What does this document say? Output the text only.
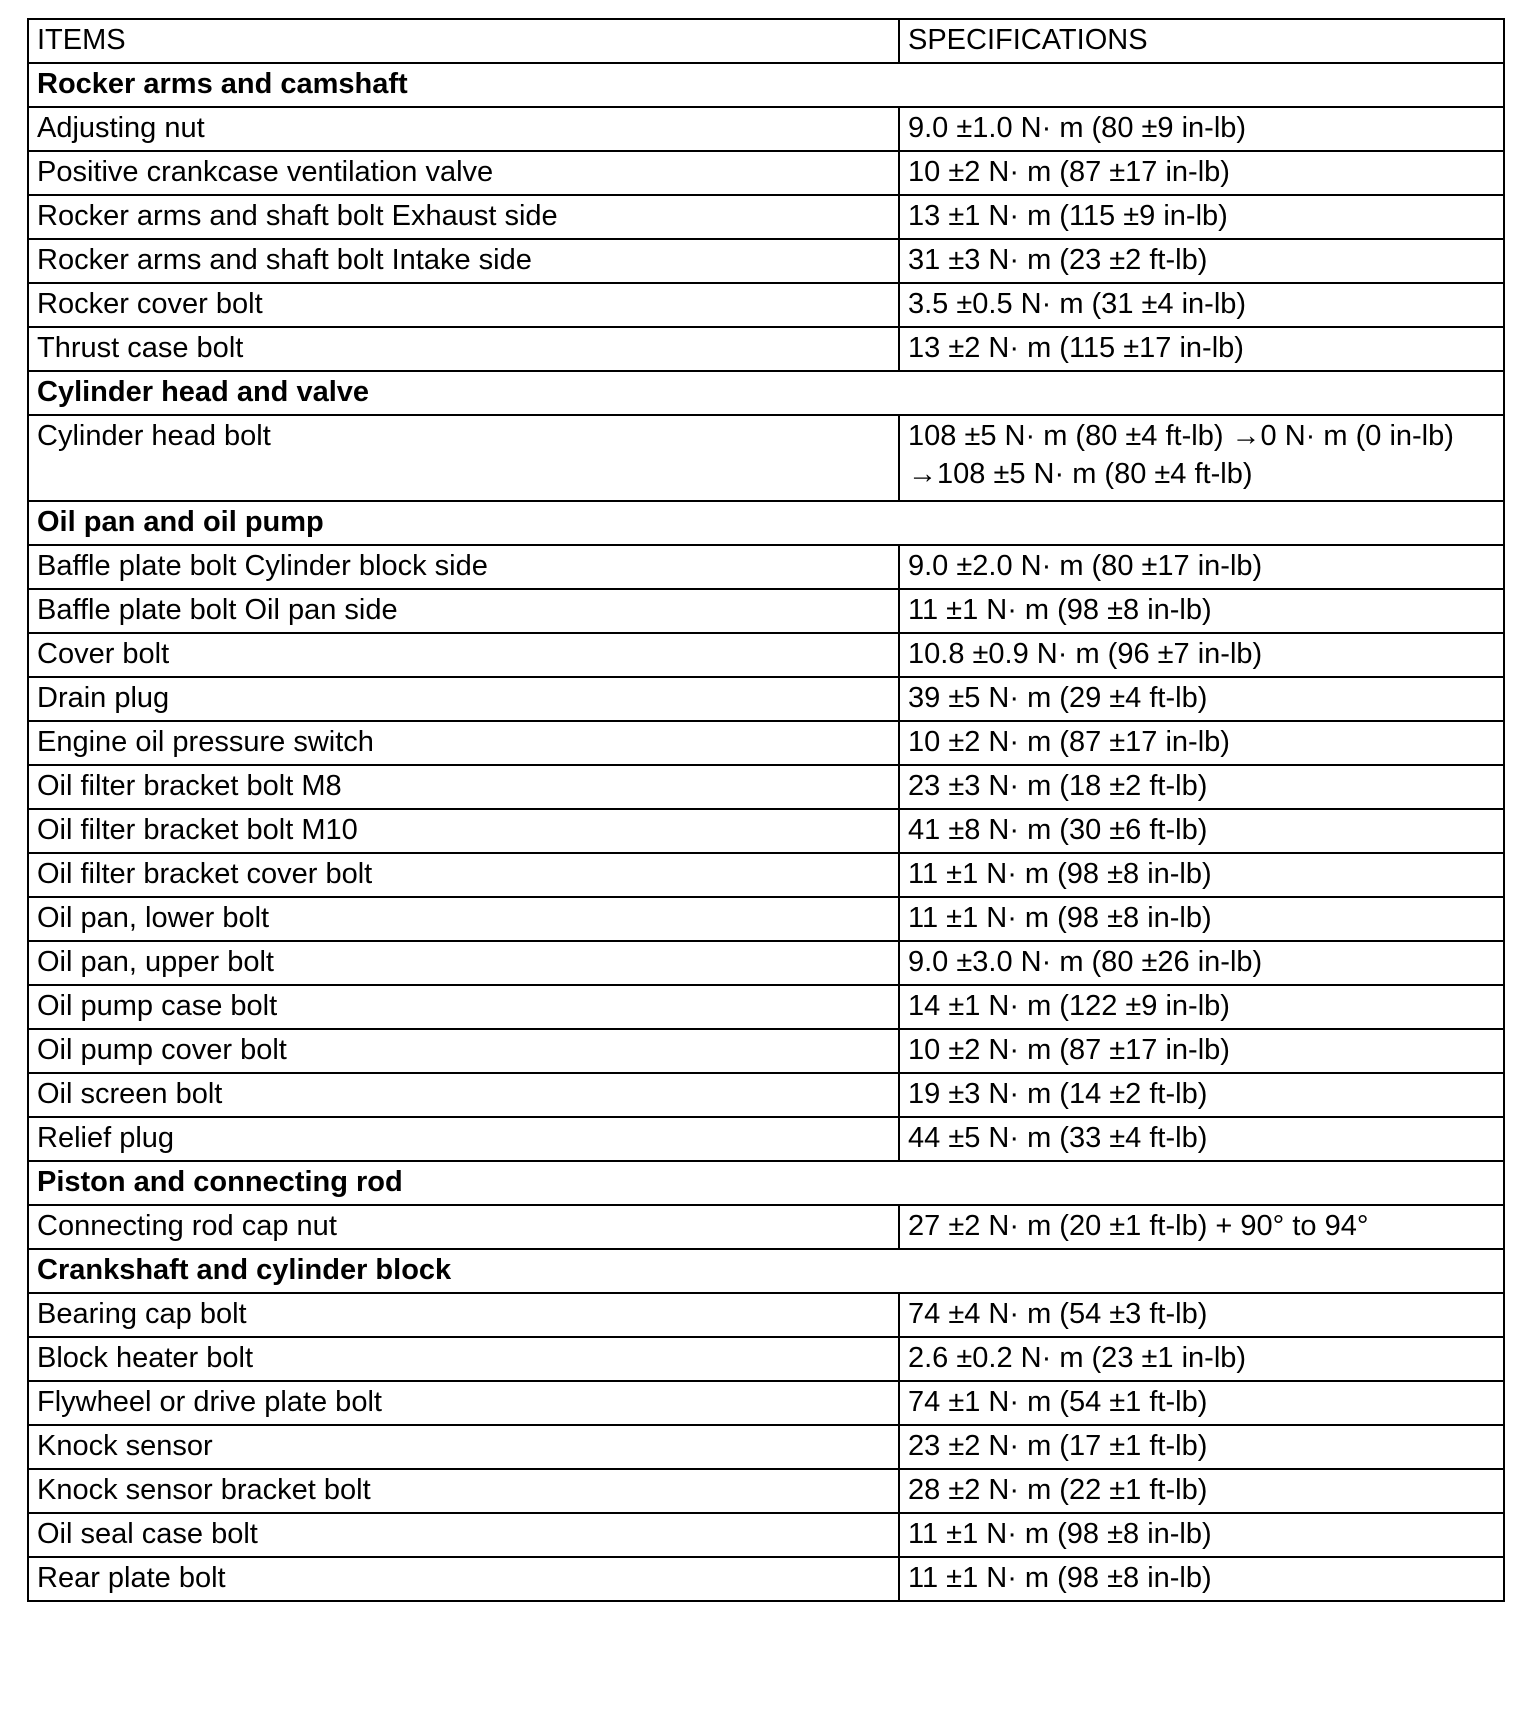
ITEMS	SPECIFICATIONS
Rocker arms and camshaft	
Adjusting nut	9.0 ±1.0 N· m (80 ±9 in-lb)
Positive crankcase ventilation valve	10 ±2 N· m (87 ±17 in-lb)
Rocker arms and shaft bolt Exhaust side	13 ±1 N· m (115 ±9 in-lb)
Rocker arms and shaft bolt Intake side	31 ±3 N· m (23 ±2 ft-lb)
Rocker cover bolt	3.5 ±0.5 N· m (31 ±4 in-lb)
Thrust case bolt	13 ±2 N· m (115 ±17 in-lb)
Cylinder head and valve	
Cylinder head bolt	108 ±5 N· m (80 ±4 ft-lb) →0 N· m (0 in-lb)
→108 ±5 N· m (80 ±4 ft-lb)
Oil pan and oil pump	
Baffle plate bolt Cylinder block side	9.0 ±2.0 N· m (80 ±17 in-lb)
Baffle plate bolt Oil pan side	11 ±1 N· m (98 ±8 in-lb)
Cover bolt	10.8 ±0.9 N· m (96 ±7 in-lb)
Drain plug	39 ±5 N· m (29 ±4 ft-lb)
Engine oil pressure switch	10 ±2 N· m (87 ±17 in-lb)
Oil filter bracket bolt M8	23 ±3 N· m (18 ±2 ft-lb)
Oil filter bracket bolt M10	41 ±8 N· m (30 ±6 ft-lb)
Oil filter bracket cover bolt	11 ±1 N· m (98 ±8 in-lb)
Oil pan, lower bolt	11 ±1 N· m (98 ±8 in-lb)
Oil pan, upper bolt	9.0 ±3.0 N· m (80 ±26 in-lb)
Oil pump case bolt	14 ±1 N· m (122 ±9 in-lb)
Oil pump cover bolt	10 ±2 N· m (87 ±17 in-lb)
Oil screen bolt	19 ±3 N· m (14 ±2 ft-lb)
Relief plug	44 ±5 N· m (33 ±4 ft-lb)
Piston and connecting rod	
Connecting rod cap nut	27 ±2 N· m (20 ±1 ft-lb) + 90° to 94°
Crankshaft and cylinder block	
Bearing cap bolt	74 ±4 N· m (54 ±3 ft-lb)
Block heater bolt	2.6 ±0.2 N· m (23 ±1 in-lb)
Flywheel or drive plate bolt	74 ±1 N· m (54 ±1 ft-lb)
Knock sensor	23 ±2 N· m (17 ±1 ft-lb)
Knock sensor bracket bolt	28 ±2 N· m (22 ±1 ft-lb)
Oil seal case bolt	11 ±1 N· m (98 ±8 in-lb)
Rear plate bolt	11 ±1 N· m (98 ±8 in-lb)
